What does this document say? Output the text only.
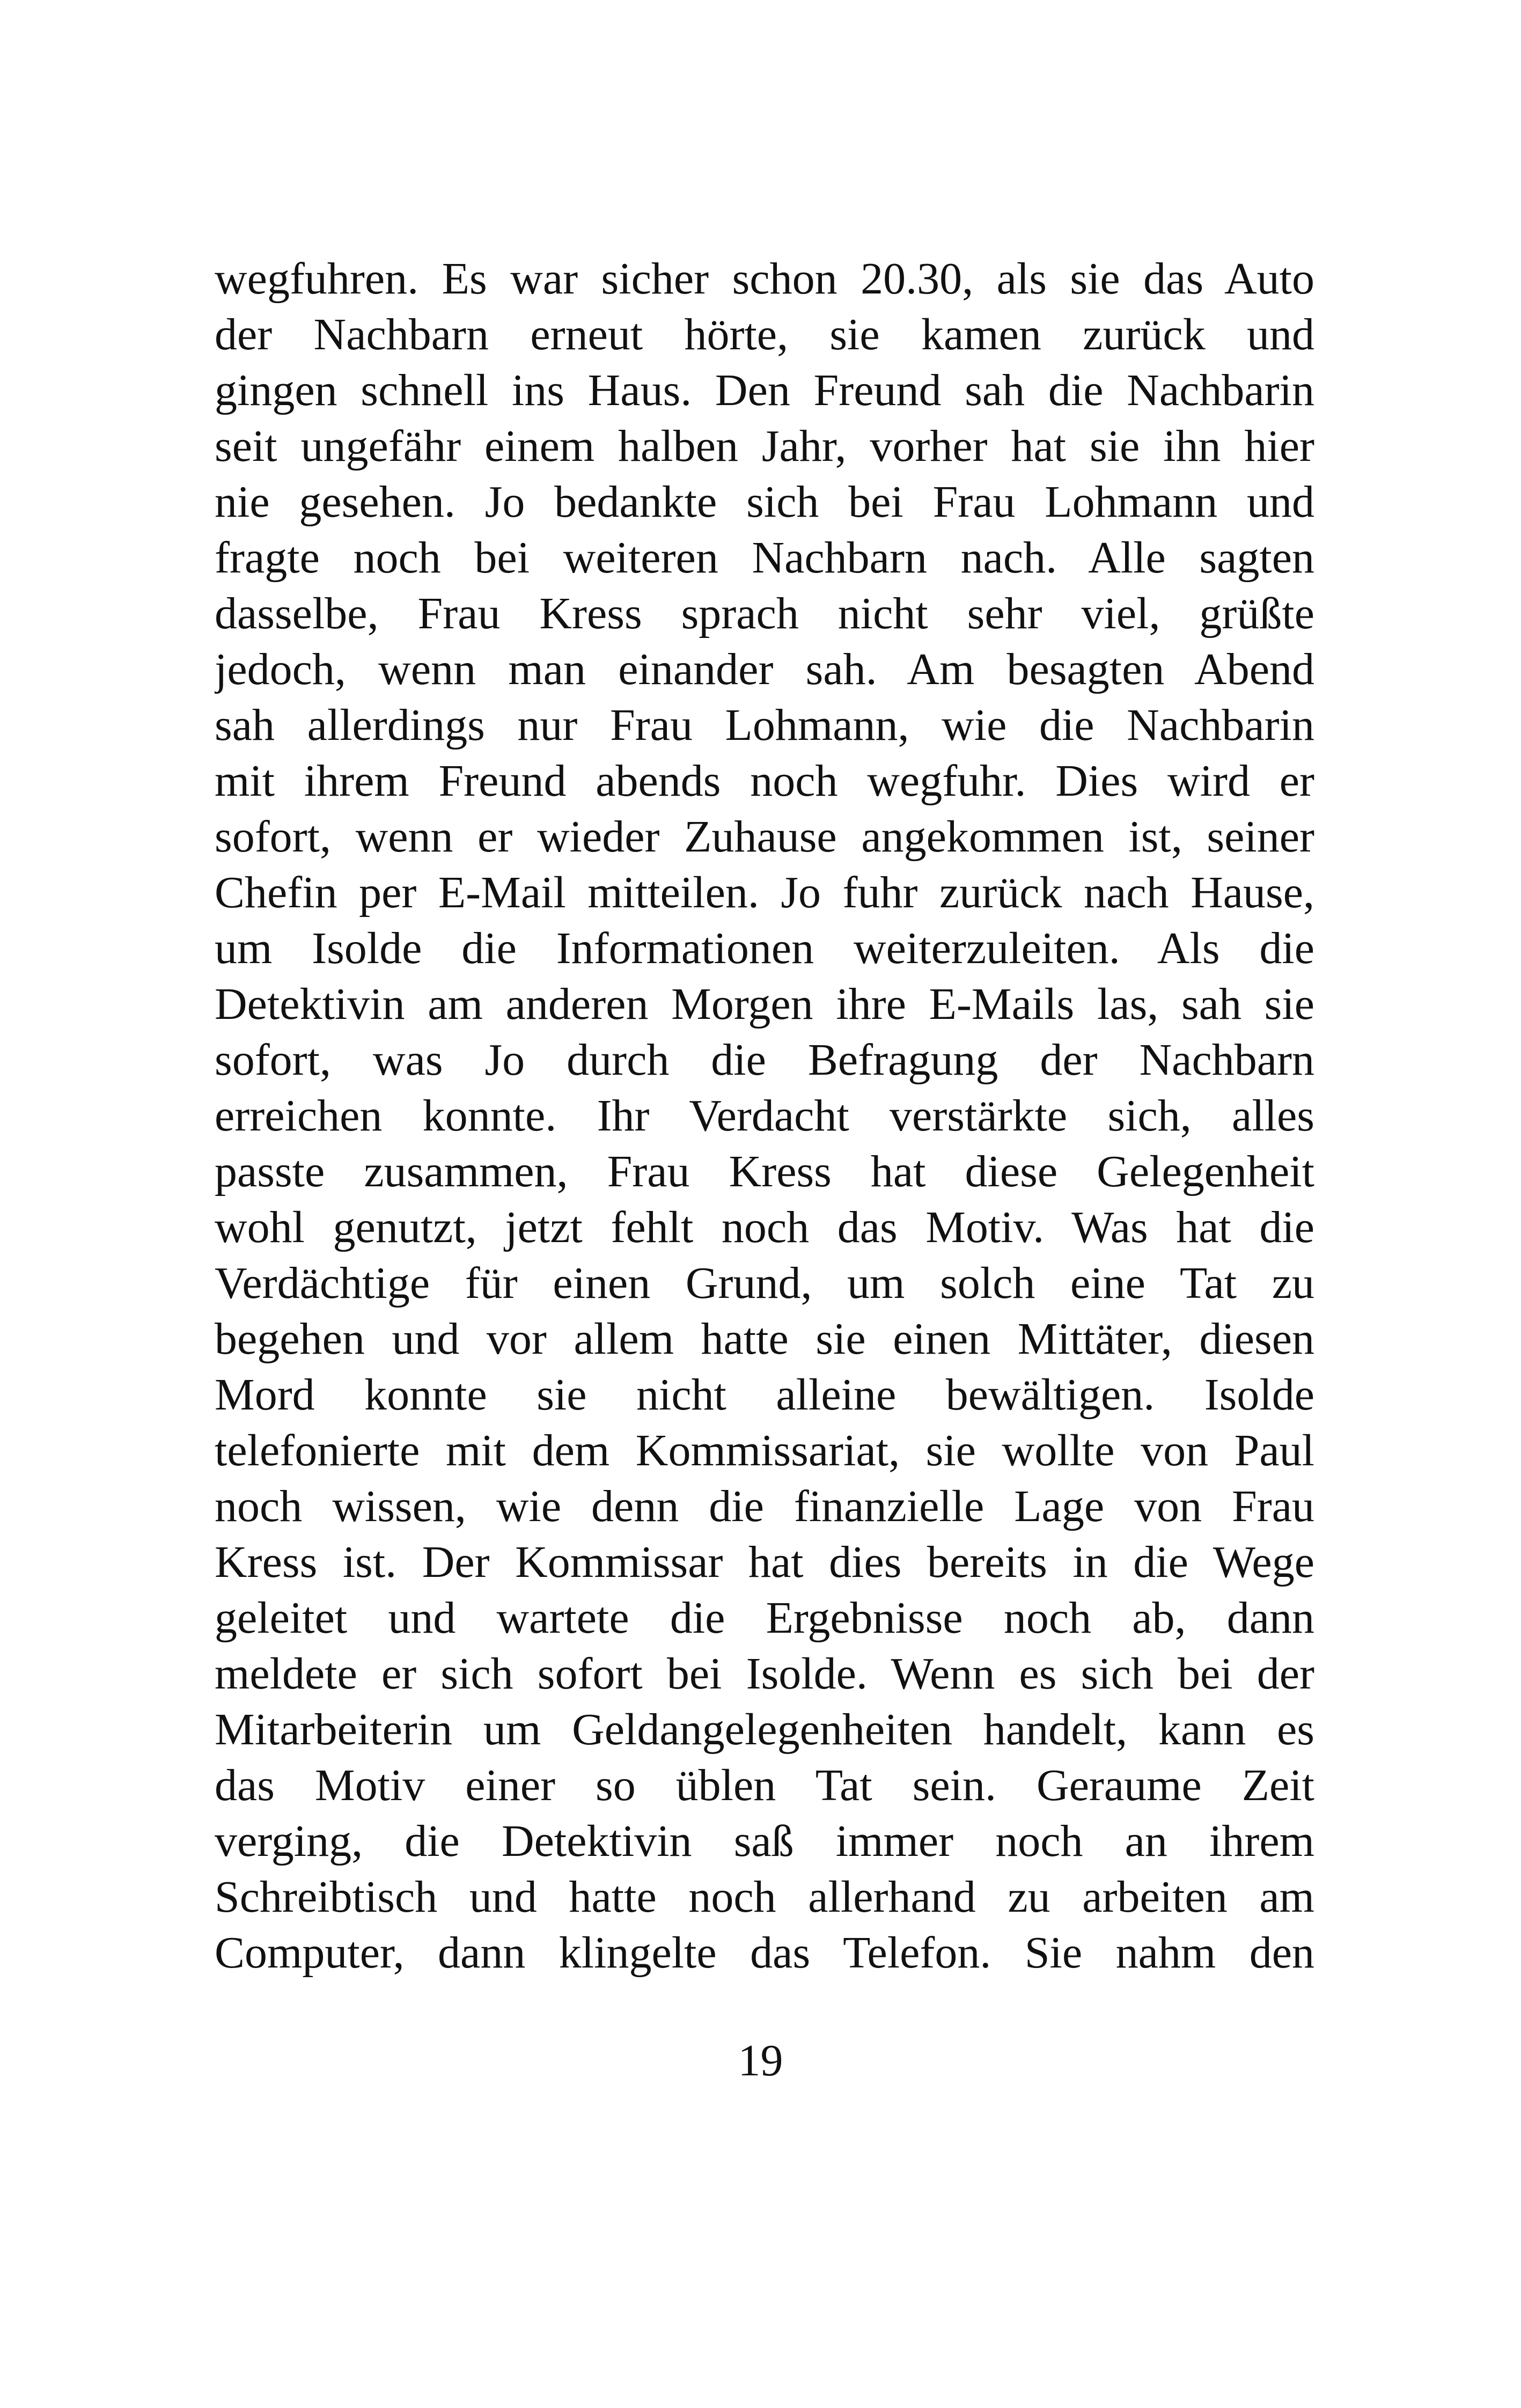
wegfuhren. Es war sicher schon 20.30, als sie das Auto
der Nachbarn erneut hörte, sie kamen zurück und
gingen schnell ins Haus. Den Freund sah die Nachbarin
seit ungefähr einem halben Jahr, vorher hat sie ihn hier
nie gesehen. Jo bedankte sich bei Frau Lohmann und
fragte noch bei weiteren Nachbarn nach. Alle sagten
dasselbe, Frau Kress sprach nicht sehr viel, grüßte
jedoch, wenn man einander sah. Am besagten Abend
sah allerdings nur Frau Lohmann, wie die Nachbarin
mit ihrem Freund abends noch wegfuhr. Dies wird er
sofort, wenn er wieder Zuhause angekommen ist, seiner
Chefin per E-Mail mitteilen. Jo fuhr zurück nach Hause,
um Isolde die Informationen weiterzuleiten. Als die
Detektivin am anderen Morgen ihre E-Mails las, sah sie
sofort, was Jo durch die Befragung der Nachbarn
erreichen konnte. Ihr Verdacht verstärkte sich, alles
passte zusammen, Frau Kress hat diese Gelegenheit
wohl genutzt, jetzt fehlt noch das Motiv. Was hat die
Verdächtige für einen Grund, um solch eine Tat zu
begehen und vor allem hatte sie einen Mittäter, diesen
Mord konnte sie nicht alleine bewältigen. Isolde
telefonierte mit dem Kommissariat, sie wollte von Paul
noch wissen, wie denn die finanzielle Lage von Frau
Kress ist. Der Kommissar hat dies bereits in die Wege
geleitet und wartete die Ergebnisse noch ab, dann
meldete er sich sofort bei Isolde. Wenn es sich bei der
Mitarbeiterin um Geldangelegenheiten handelt, kann es
das Motiv einer so üblen Tat sein. Geraume Zeit
verging, die Detektivin saß immer noch an ihrem
Schreibtisch und hatte noch allerhand zu arbeiten am
Computer, dann klingelte das Telefon. Sie nahm den
19
